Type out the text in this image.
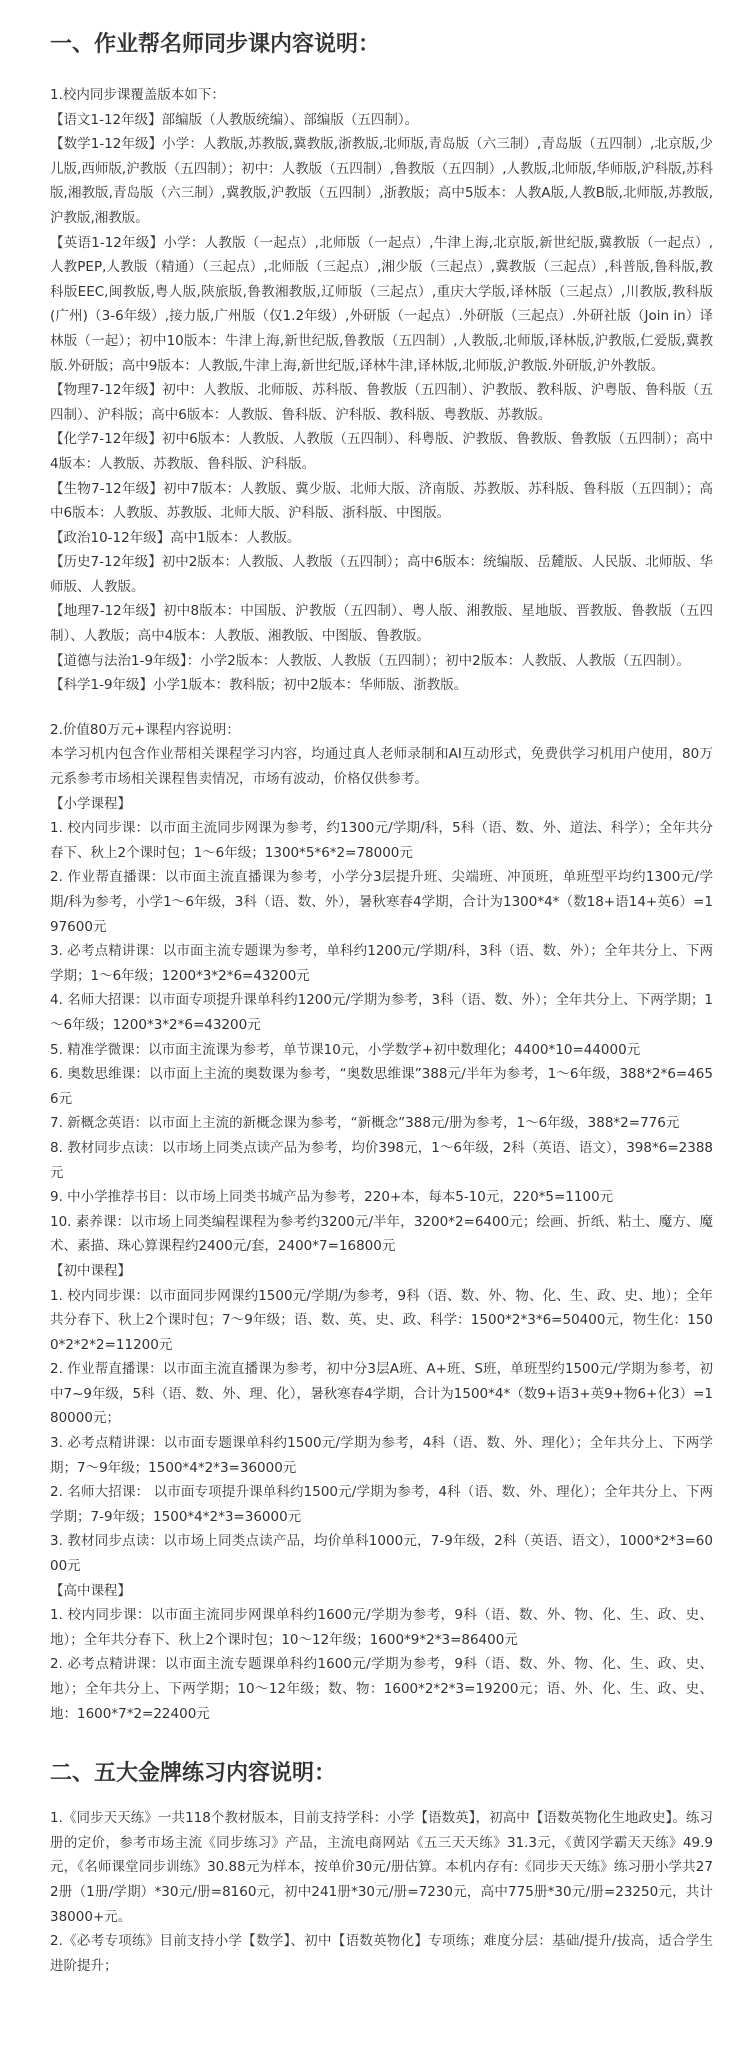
一、作业帮名师同步课内容说明：

1.校内同步课覆盖版本如下：

【语文1-12年级】部编版（人教版统编）、部编版（五四制）。

【数学1-12年级】小学：人教版,苏教版,冀教版,浙教版,北师版,青岛版（六三制）,青岛版（五四制）,北京版,少儿版,西师版,沪教版（五四制）；初中：人教版（五四制）,鲁教版（五四制）,人教版,北师版,华师版,沪科版,苏科版,湘教版,青岛版（六三制）,冀教版,沪教版（五四制）,浙教版；高中5版本：人教A版,人教B版,北师版,苏教版,沪教版,湘教版。

【英语1-12年级】小学：人教版（一起点）,北师版（一起点）,牛津上海,北京版,新世纪版,冀教版（一起点）,人教PEP,人教版（精通）（三起点）,北师版（三起点）,湘少版（三起点）,冀教版（三起点）,科普版,鲁科版,教科版EEC,闽教版,粤人版,陕旅版,鲁教湘教版,辽师版（三起点）,重庆大学版,译林版（三起点）,川教版,教科版(广州)（3-6年级）,接力版,广州版（仅1.2年级）,外研版（一起点）.外研版（三起点）.外研社版（Join in）译林版（一起）；初中10版本：牛津上海,新世纪版,鲁教版（五四制）,人教版,北师版,译林版,沪教版,仁爱版,冀教版.外研版；高中9版本：人教版,牛津上海,新世纪版,译林牛津,译林版,北师版,沪教版.外研版,沪外教版。

【物理7-12年级】初中：人教版、北师版、苏科版、鲁教版（五四制）、沪教版、教科版、沪粤版、鲁科版（五四制）、沪科版；高中6版本：人教版、鲁科版、沪科版、教科版、粤教版、苏教版。

【化学7-12年级】初中6版本：人教版、人教版（五四制）、科粤版、沪教版、鲁教版、鲁教版（五四制）；高中4版本：人教版、苏教版、鲁科版、沪科版。

【生物7-12年级】初中7版本：人教版、冀少版、北师大版、济南版、苏教版、苏科版、鲁科版（五四制）；高中6版本：人教版、苏教版、北师大版、沪科版、浙科版、中图版。

【政治10-12年级】高中1版本：人教版。

【历史7-12年级】初中2版本：人教版、人教版（五四制）；高中6版本：统编版、岳麓版、人民版、北师版、华师版、人教版。

【地理7-12年级】初中8版本：中国版、沪教版（五四制）、粤人版、湘教版、星地版、晋教版、鲁教版（五四制）、人教版；高中4版本：人教版、湘教版、中图版、鲁教版。

【道德与法治1-9年级】：小学2版本：人教版、人教版（五四制）；初中2版本：人教版、人教版（五四制）。

【科学1-9年级】小学1版本：教科版；初中2版本：华师版、浙教版。

2.价值80万元+课程内容说明：

本学习机内包含作业帮相关课程学习内容，均通过真人老师录制和AI互动形式，免费供学习机用户使用，80万元系参考市场相关课程售卖情况，市场有波动，价格仅供参考。

【小学课程】

1. 校内同步课：以市面主流同步网课为参考，约1300元/学期/科，5科（语、数、外、道法、科学）；全年共分春下、秋上2个课时包；1～6年级；1300*5*6*2=78000元

2. 作业帮直播课：以市面主流直播课为参考，小学分3层提升班、尖端班、冲顶班，单班型平均约1300元/学期/科为参考，小学1～6年级，3科（语、数、外），暑秋寒春4学期，合计为1300*4*（数18+语14+英6）=197600元

3. 必考点精讲课：以市面主流专题课为参考，单科约1200元/学期/科，3科（语、数、外）；全年共分上、下两学期；1～6年级；1200*3*2*6=43200元

4. 名师大招课：以市面专项提升课单科约1200元/学期为参考，3科（语、数、外）；全年共分上、下两学期；1～6年级；1200*3*2*6=43200元

5. 精准学微课：以市面主流课为参考，单节课10元，小学数学+初中数理化；4400*10=44000元

6. 奥数思维课：以市面上主流的奥数课为参考，“奥数思维课”388元/半年为参考，1～6年级，388*2*6=4656元

7. 新概念英语：以市面上主流的新概念课为参考，“新概念”388元/册为参考，1～6年级，388*2=776元

8. 教材同步点读：以市场上同类点读产品为参考，均价398元，1～6年级，2科（英语、语文），398*6=2388元

9. 中小学推荐书目：以市场上同类书城产品为参考，220+本，每本5-10元，220*5=1100元

10. 素养课：以市场上同类编程课程为参考约3200元/半年，3200*2=6400元；绘画、折纸、粘土、魔方、魔术、素描、珠心算课程约2400元/套，2400*7=16800元

【初中课程】

1. 校内同步课：以市面同步网课约1500元/学期/为参考，9科（语、数、外、物、化、生、政、史、地）；全年共分春下、秋上2个课时包；7～9年级；语、数、英、史、政、科学：1500*2*3*6=50400元，物生化：1500*2*2*2=11200元

2. 作业帮直播课：以市面主流直播课为参考，初中分3层A班、A+班、S班，单班型约1500元/学期为参考，初中7~9年级，5科（语、数、外、理、化），暑秋寒春4学期，合计为1500*4*（数9+语3+英9+物6+化3）=180000元；

3. 必考点精讲课：以市面专题课单科约1500元/学期为参考，4科（语、数、外、理化）；全年共分上、下两学期；7～9年级；1500*4*2*3=36000元

2. 名师大招课： 以市面专项提升课单科约1500元/学期为参考，4科（语、数、外、理化）；全年共分上、下两学期；7-9年级；1500*4*2*3=36000元

3. 教材同步点读：以市场上同类点读产品，均价单科1000元，7-9年级，2科（英语、语文），1000*2*3=6000元

【高中课程】

1. 校内同步课：以市面主流同步网课单科约1600元/学期为参考，9科（语、数、外、物、化、生、政、史、地）；全年共分春下、秋上2个课时包；10～12年级；1600*9*2*3=86400元

2. 必考点精讲课：以市面主流专题课单科约1600元/学期为参考，9科（语、数、外、物、化、生、政、史、地）；全年共分上、下两学期；10～12年级；数、物：1600*2*2*3=19200元；语、外、化、生、政、史、地：1600*7*2=22400元

二、五大金牌练习内容说明：

1.《同步天天练》一共118个教材版本，目前支持学科：小学【语数英】，初高中【语数英物化生地政史】。练习册的定价，参考市场主流《同步练习》产品，主流电商网站《五三天天练》31.3元，《黄冈学霸天天练》49.9元，《名师课堂同步训练》30.88元为样本，按单价30元/册估算。本机内存有:《同步天天练》练习册小学共272册（1册/学期）*30元/册=8160元，初中241册*30元/册=7230元，高中775册*30元/册=23250元，共计38000+元。

2.《必考专项练》目前支持小学【数学】、初中【语数英物化】专项练；难度分层：基础/提升/拔高，适合学生进阶提升；
